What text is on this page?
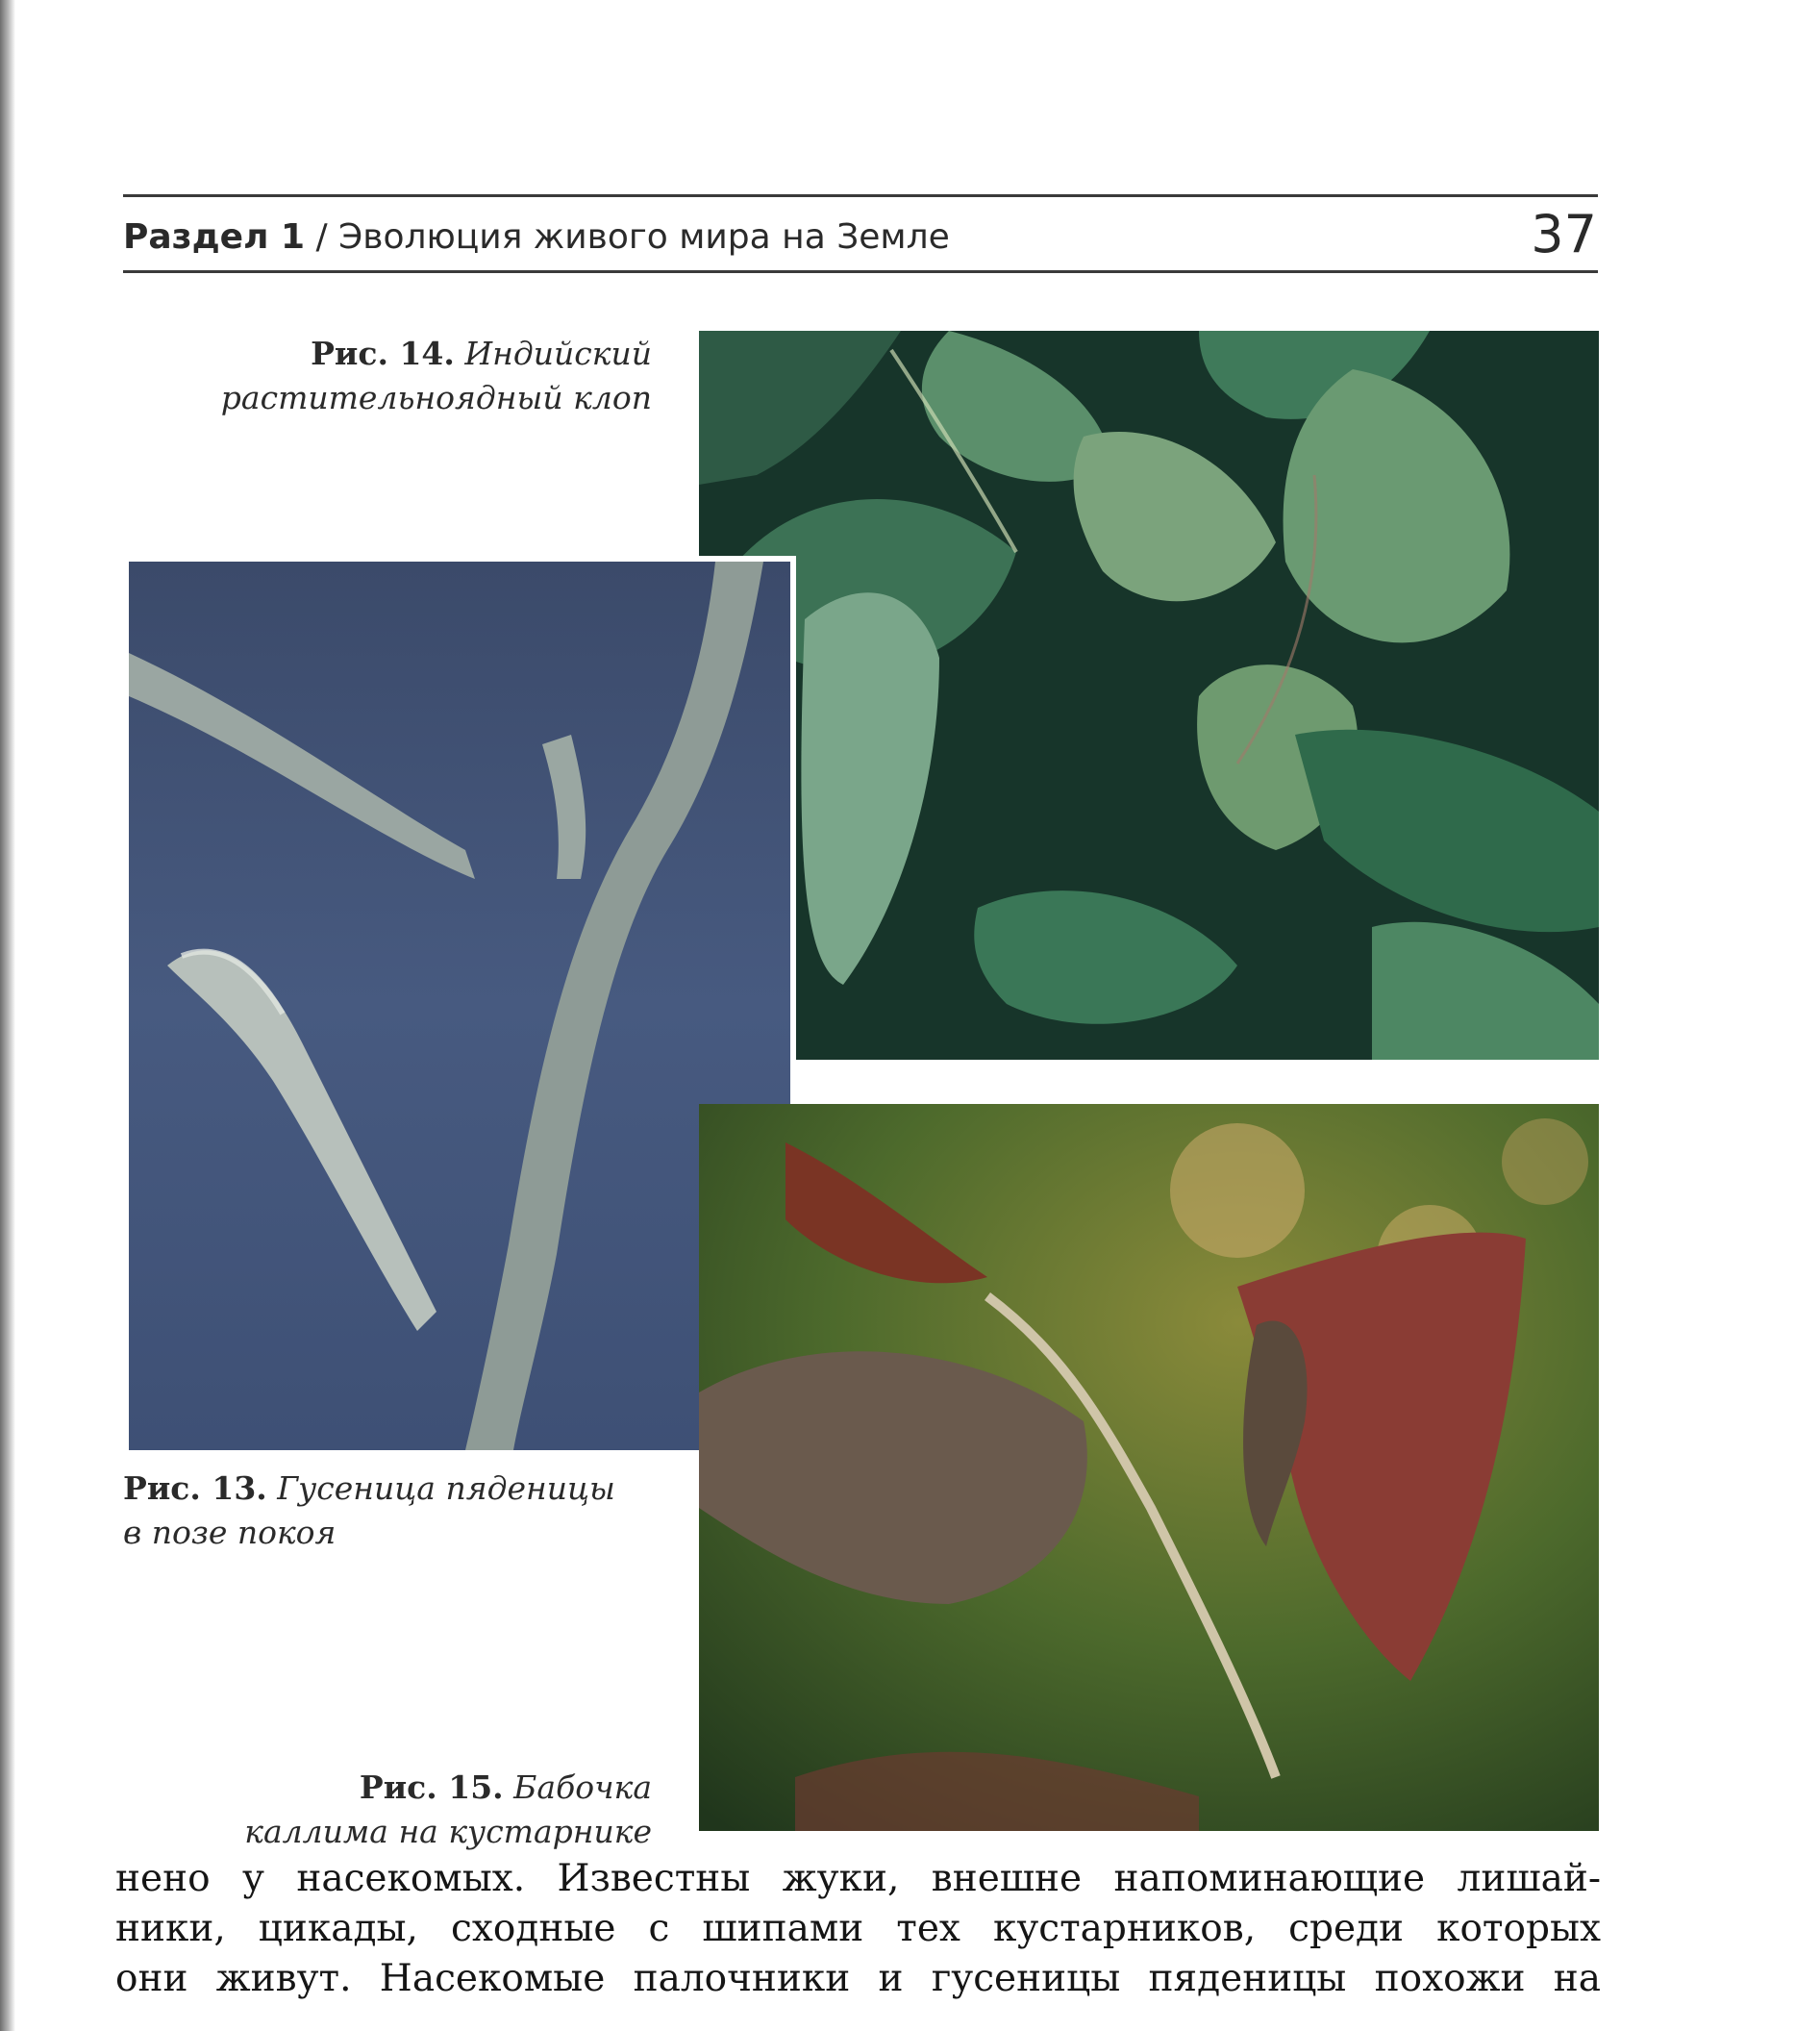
Раздел 1 / Эволюция живого мира на Земле	37
Рис. 14. Индийский
растительноядный клоп
Рис. 13. Гусеница пяденицы
в позе покоя
Рис. 15. Бабочка
каллима на кустарнике

нено у насекомых. Известны жуки, внешне напоминающие лишай-

ники, цикады, сходные с шипами тех кустарников, среди которых

они живут. Насекомые палочники и гусеницы пяденицы похожи на
